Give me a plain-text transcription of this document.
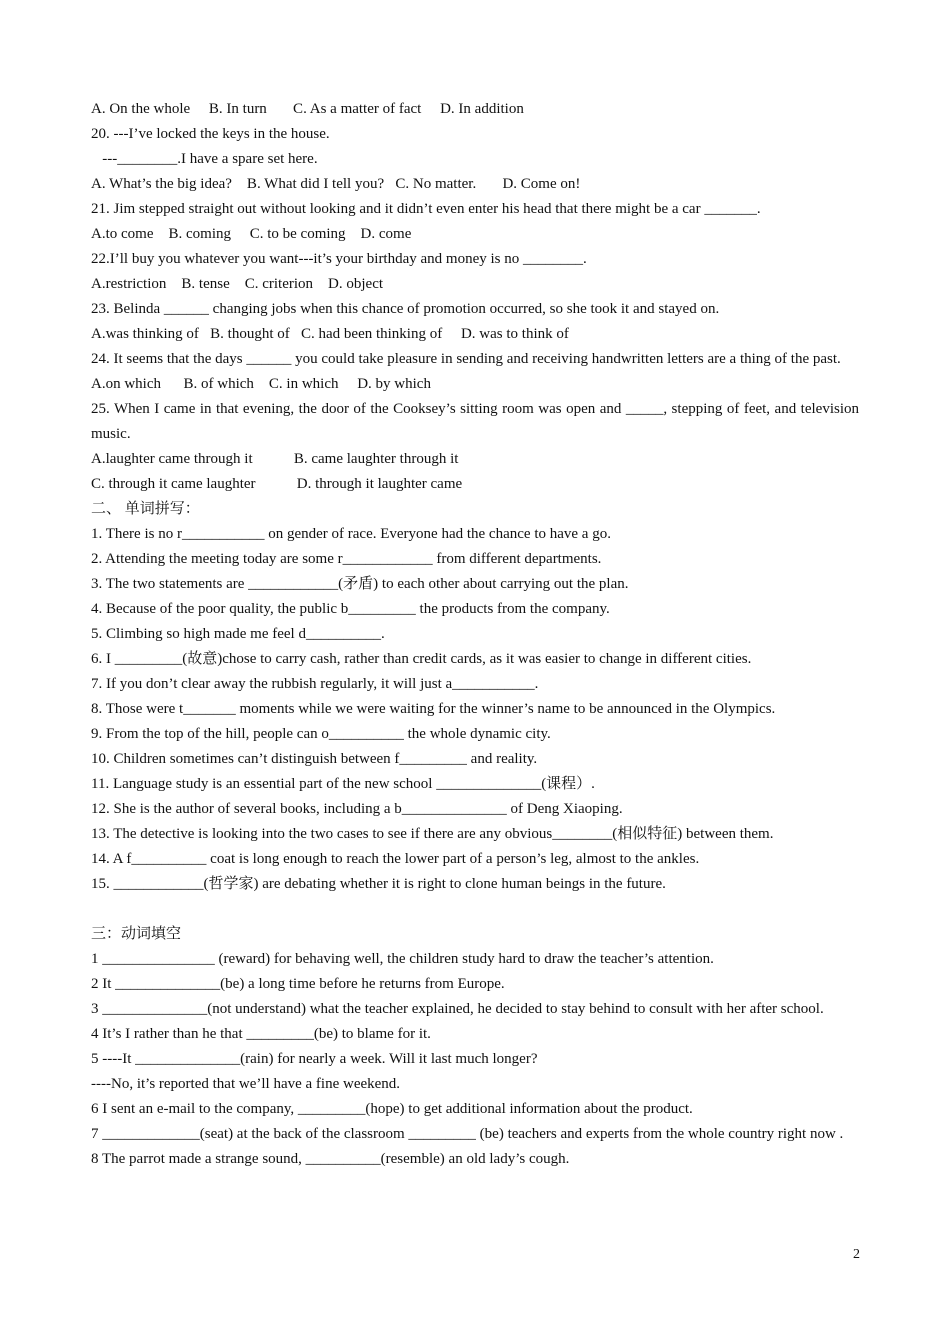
A. On the whole     B. In turn       C. As a matter of fact     D. In addition

20. ---I’ve locked the keys in the house.

---________.I have a spare set here.

A. What’s the big idea?    B. What did I tell you?   C. No matter.       D. Come on!

21. Jim stepped straight out without looking and it didn’t even enter his head that there might be a car _______.

A.to come    B. coming     C. to be coming    D. come

22.I’ll buy you whatever you want---it’s your birthday and money is no ________.

A.restriction    B. tense    C. criterion    D. object

23. Belinda ______ changing jobs when this chance of promotion occurred, so she took it and stayed on.

A.was thinking of   B. thought of   C. had been thinking of     D. was to think of

24. It seems that the days ______ you could take pleasure in sending and receiving handwritten letters are a thing of the past.

A.on which      B. of which    C. in which     D. by which

25. When I came in that evening, the door of the Cooksey’s sitting room was open and _____, stepping of feet, and television music.

A.laughter came through it           B. came laughter through it

C. through it came laughter           D. through it laughter came

二、 单词拼写：

1. There is no r___________ on gender of race. Everyone had the chance to have a go.

2. Attending the meeting today are some r____________ from different departments.

3. The two statements are ____________(矛盾) to each other about carrying out the plan.

4. Because of the poor quality, the public b_________ the products from the company.

5. Climbing so high made me feel d__________.

6. I _________(故意)chose to carry cash, rather than credit cards, as it was easier to change in different cities.

7. If you don’t clear away the rubbish regularly, it will just a___________.

8. Those were t_______ moments while we were waiting for the winner’s name to be announced in the Olympics.

9. From the top of the hill, people can o__________ the whole dynamic city.

10. Children sometimes can’t distinguish between f_________ and reality.

11. Language study is an essential part of the new school ______________(课程）.

12. She is the author of several books, including a b______________ of Deng Xiaoping.

13. The detective is looking into the two cases to see if there are any obvious________(相似特征) between them.

14. A f__________ coat is long enough to reach the lower part of a person’s leg, almost to the ankles.

15. ____________(哲学家) are debating whether it is right to clone human beings in the future.

三：动词填空

1 _______________ (reward) for behaving well, the children study hard to draw the teacher’s attention.

2 It ______________(be) a long time before he returns from Europe.

3 ______________(not understand) what the teacher explained, he decided to stay behind to consult with her after school.

4 It’s I rather than he that _________(be) to blame for it.

5 ----It ______________(rain) for nearly a week. Will it last much longer?

----No, it’s reported that we’ll have a fine weekend.

6 I sent an e-mail to the company, _________(hope) to get additional information about the product.

7 _____________(seat) at the back of the classroom _________ (be) teachers and experts from the whole country right now .

8 The parrot made a strange sound, __________(resemble) an old lady’s cough.

2
